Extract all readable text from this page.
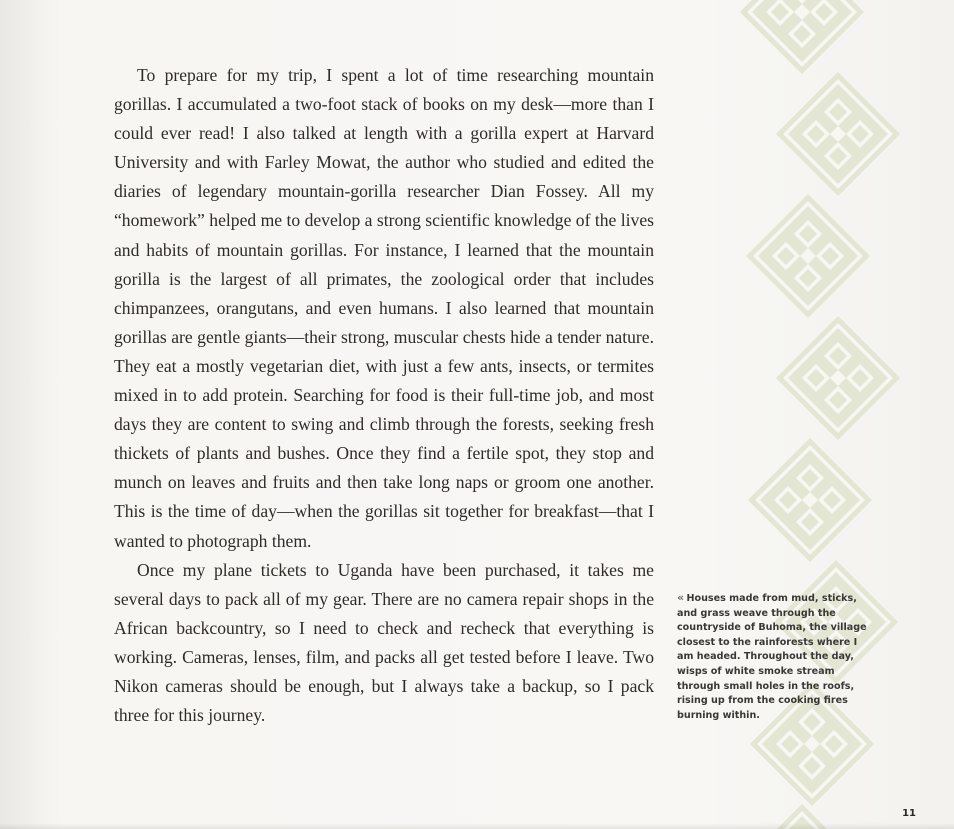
To prepare for my trip, I spent a lot of time researching mountain gorillas. I accumulated a two-foot stack of books on my desk—more than I could ever read! I also talked at length with a gorilla expert at Harvard University and with Farley Mowat, the author who studied and edited the diaries of legendary mountain-gorilla researcher Dian Fossey. All my “homework” helped me to develop a strong scientific knowledge of the lives and habits of mountain gorillas. For instance, I learned that the mountain gorilla is the largest of all primates, the zoological order that includes chimpanzees, orangutans, and even humans. I also learned that mountain gorillas are gentle giants—their strong, muscular chests hide a tender nature. They eat a mostly vegetarian diet, with just a few ants, insects, or termites mixed in to add protein. Searching for food is their full-time job, and most days they are content to swing and climb through the forests, seeking fresh thickets of plants and bushes. Once they find a fertile spot, they stop and munch on leaves and fruits and then take long naps or groom one another. This is the time of day—when the gorillas sit together for breakfast—that I wanted to photograph them.

Once my plane tickets to Uganda have been purchased, it takes me several days to pack all of my gear. There are no camera repair shops in the African backcountry, so I need to check and recheck that everything is working. Cameras, lenses, film, and packs all get tested before I leave. Two Nikon cameras should be enough, but I always take a backup, so I pack three for this journey.

« Houses made from mud, sticks, and grass weave through the countryside of Buhoma, the village closest to the rainforests where I am headed. Throughout the day, wisps of white smoke stream through small holes in the roofs, rising up from the cooking fires burning within.
11
